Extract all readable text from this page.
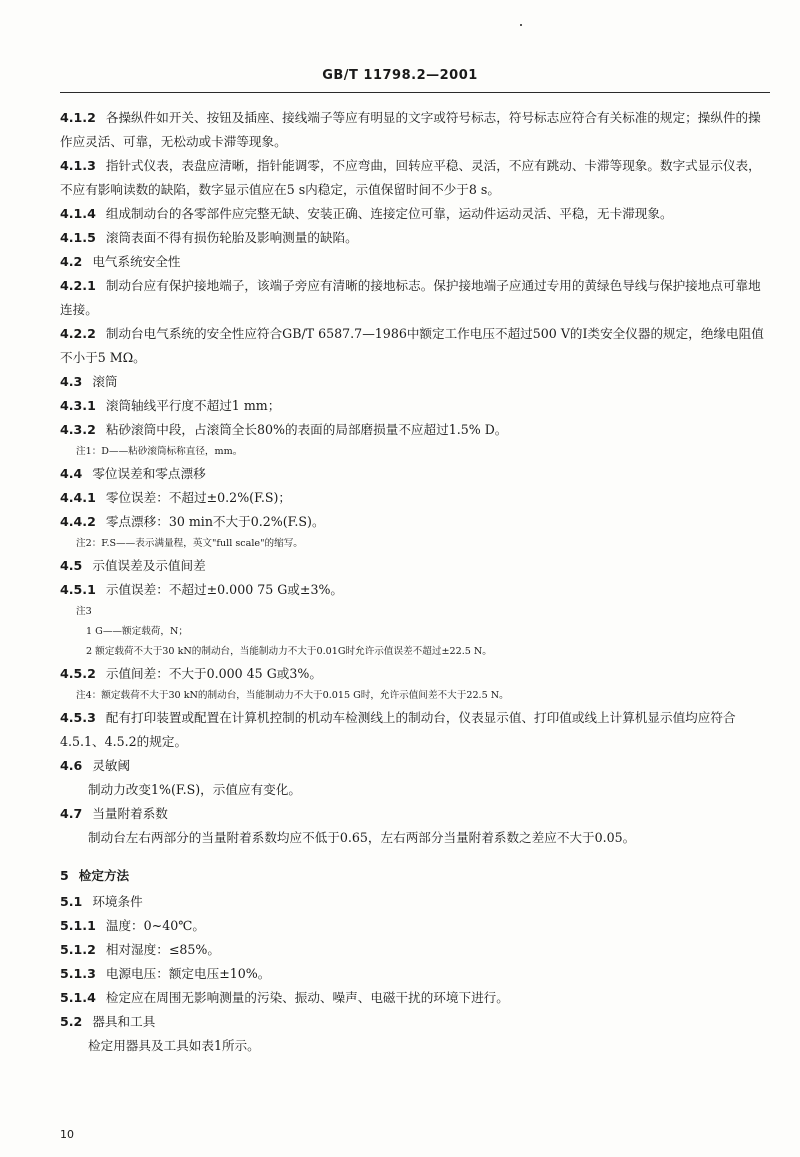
GB/T 11798.2—2001
4.1.2 各操纵件如开关、按钮及插座、接线端子等应有明显的文字或符号标志，符号标志应符合有关标准的规定；操纵件的操作应灵活、可靠，无松动或卡滞等现象。
4.1.3 指针式仪表，表盘应清晰，指针能调零，不应弯曲，回转应平稳、灵活，不应有跳动、卡滞等现象。数字式显示仪表，不应有影响读数的缺陷，数字显示值应在5 s内稳定，示值保留时间不少于8 s。
4.1.4 组成制动台的各零部件应完整无缺、安装正确、连接定位可靠，运动件运动灵活、平稳，无卡滞现象。
4.1.5 滚筒表面不得有损伤轮胎及影响测量的缺陷。
4.2 电气系统安全性
4.2.1 制动台应有保护接地端子，该端子旁应有清晰的接地标志。保护接地端子应通过专用的黄绿色导线与保护接地点可靠地连接。
4.2.2 制动台电气系统的安全性应符合GB/T 6587.7—1986中额定工作电压不超过500 V的Ⅰ类安全仪器的规定，绝缘电阻值不小于5 MΩ。
4.3 滚筒
4.3.1 滚筒轴线平行度不超过1 mm；
4.3.2 粘砂滚筒中段，占滚筒全长80%的表面的局部磨损量不应超过1.5% D。
注1：D——粘砂滚筒标称直径，mm。
4.4 零位误差和零点漂移
4.4.1 零位误差：不超过±0.2%(F.S)；
4.4.2 零点漂移：30 min不大于0.2%(F.S)。
注2：F.S——表示满量程，英文"full scale"的缩写。
4.5 示值误差及示值间差
4.5.1 示值误差：不超过±0.000 75 G或±3%。
注3
1 G——额定载荷，N；
2 额定载荷不大于30 kN的制动台，当能制动力不大于0.01G时允许示值误差不超过±22.5 N。
4.5.2 示值间差：不大于0.000 45 G或3%。
注4：额定载荷不大于30 kN的制动台，当能制动力不大于0.015 G时，允许示值间差不大于22.5 N。
4.5.3 配有打印装置或配置在计算机控制的机动车检测线上的制动台，仪表显示值、打印值或线上计算机显示值均应符合4.5.1、4.5.2的规定。
4.6 灵敏阈
制动力改变1%(F.S)，示值应有变化。
4.7 当量附着系数
制动台左右两部分的当量附着系数均应不低于0.65，左右两部分当量附着系数之差应不大于0.05。
5 检定方法
5.1 环境条件
5.1.1 温度：0~40℃。
5.1.2 相对湿度：≤85%。
5.1.3 电源电压：额定电压±10%。
5.1.4 检定应在周围无影响测量的污染、振动、噪声、电磁干扰的环境下进行。
5.2 器具和工具
检定用器具及工具如表1所示。
10
